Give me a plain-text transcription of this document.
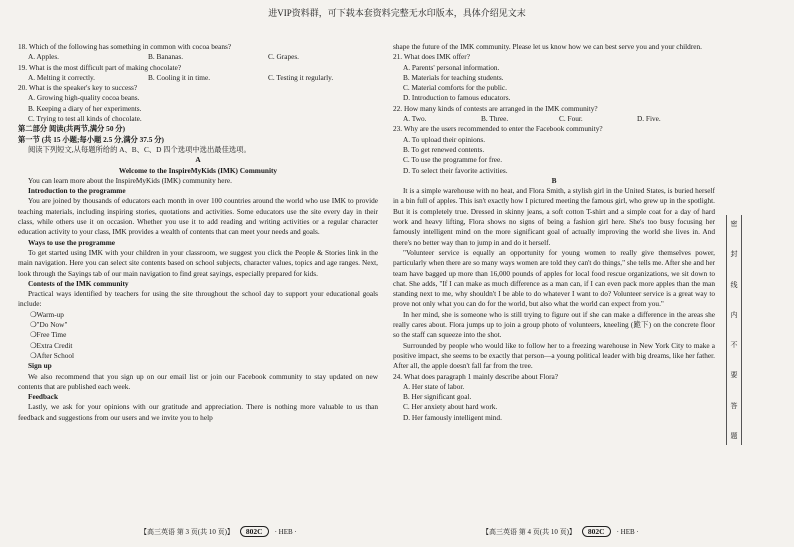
进VIP资料群，可下载本套资料完整无水印版本，具体介绍见文末

18. Which of the following has something in common with cocoa beans?

A. Apples.	B. Bananas.	C. Grapes.

19. What is the most difficult part of making chocolate?

A. Melting it correctly.	B. Cooling it in time.	C. Testing it regularly.

20. What is the speaker's key to success?

A. Growing high-quality cocoa beans.

B. Keeping a diary of her experiments.

C. Trying to test all kinds of chocolate.

第二部分 阅读(共两节,满分 50 分)

第一节 (共 15 小题;每小题 2.5 分,满分 37.5 分)

阅读下列短文,从每题所给的 A、B、C、D 四个选项中选出最佳选项。

A

Welcome to the InspireMyKids (IMK) Community

You can learn more about the InspireMyKids (IMK) community here.

Introduction to the programme

You are joined by thousands of educators each month in over 100 countries around the world who use IMK to provide teaching materials, including inspiring stories, quotations and activities. Some educators use the site every day in their class, while others use it on occasion. Whether you use it to add reading and writing activities or a regular character education activity to your class, IMK provides a wealth of contents that can meet your needs and goals.

Ways to use the programme

To get started using IMK with your children in your classroom, we suggest you click the People & Stories link in the main navigation. Here you can select site contents based on school subjects, character values, topics and age ranges. Next, look through the Sayings tab of our main navigation to find great sayings, especially prepared for kids.

Contests of the IMK community

Practical ways identified by teachers for using the site throughout the school day to support your educational goals include:

❍Warm-up

❍"Do Now"

❍Free Time

❍Extra Credit

❍After School

Sign up

We also recommend that you sign up on our email list or join our Facebook community to stay updated on new contents that are published each week.

Feedback

Lastly, we ask for your opinions with our gratitude and appreciation. There is nothing more valuable to us than feedback and suggestions from our users and we invite you to help

shape the future of the IMK community. Please let us know how we can best serve you and your children.

21. What does IMK offer?

A. Parents' personal information.

B. Materials for teaching students.

C. Material comforts for the public.

D. Introduction to famous educators.

22. How many kinds of contests are arranged in the IMK community?

A. Two.	B. Three.	C. Four.	D. Five.

23. Why are the users recommended to enter the Facebook community?

A. To upload their opinions.

B. To get renewed contents.

C. To use the programme for free.

D. To select their favorite activities.

B

It is a simple warehouse with no heat, and Flora Smith, a stylish girl in the United States, is buried herself in a bin full of apples. This isn't exactly how I pictured meeting the famous girl, who grew up in the spotlight. But it is completely true. Dressed in skinny jeans, a soft cotton T-shirt and a simple coat for a day of hard work and heavy lifting, Flora shows no signs of being a fashion girl here. She's too busy focusing her famously intelligent mind on the more significant goal of actually improving the world she lives in. And there's no better way than to jump in and do it herself.

"Volunteer service is equally an opportunity for young women to really give themselves power, particularly when there are so many ways women are told they can't do things," she tells me. After she and her team have bagged up more than 16,000 pounds of apples for local food rescue organizations, we sit down to chat. She adds, "If I can make as much difference as a man can, if I can even pack more apples than the man standing next to me, why shouldn't I be able to do whatever I want to do? Volunteer service is a great way to prove not only what you can do for the world, but also what the world can expect from you."

In her mind, she is someone who is still trying to figure out if she can make a difference in the areas she really cares about. Flora jumps up to join a group photo of volunteers, kneeling (跪下) on the concrete floor so the staff can squeeze into the shot.

Surrounded by people who would like to follow her to a freezing warehouse in New York City to make a positive impact, she seems to be exactly that person—a young political leader with big dreams, like her father. After all, the apple doesn't fall far from the tree.

24. What does paragraph 1 mainly describe about Flora?

A. Her state of labor.

B. Her significant goal.

C. Her anxiety about hard work.

D. Her famously intelligent mind.

密
封
线
内
不
要
答
题
【高三英语 第 3 页(共 10 页)】	802C	· HEB ·	【高三英语 第 4 页(共 10 页)】	802C	· HEB ·
